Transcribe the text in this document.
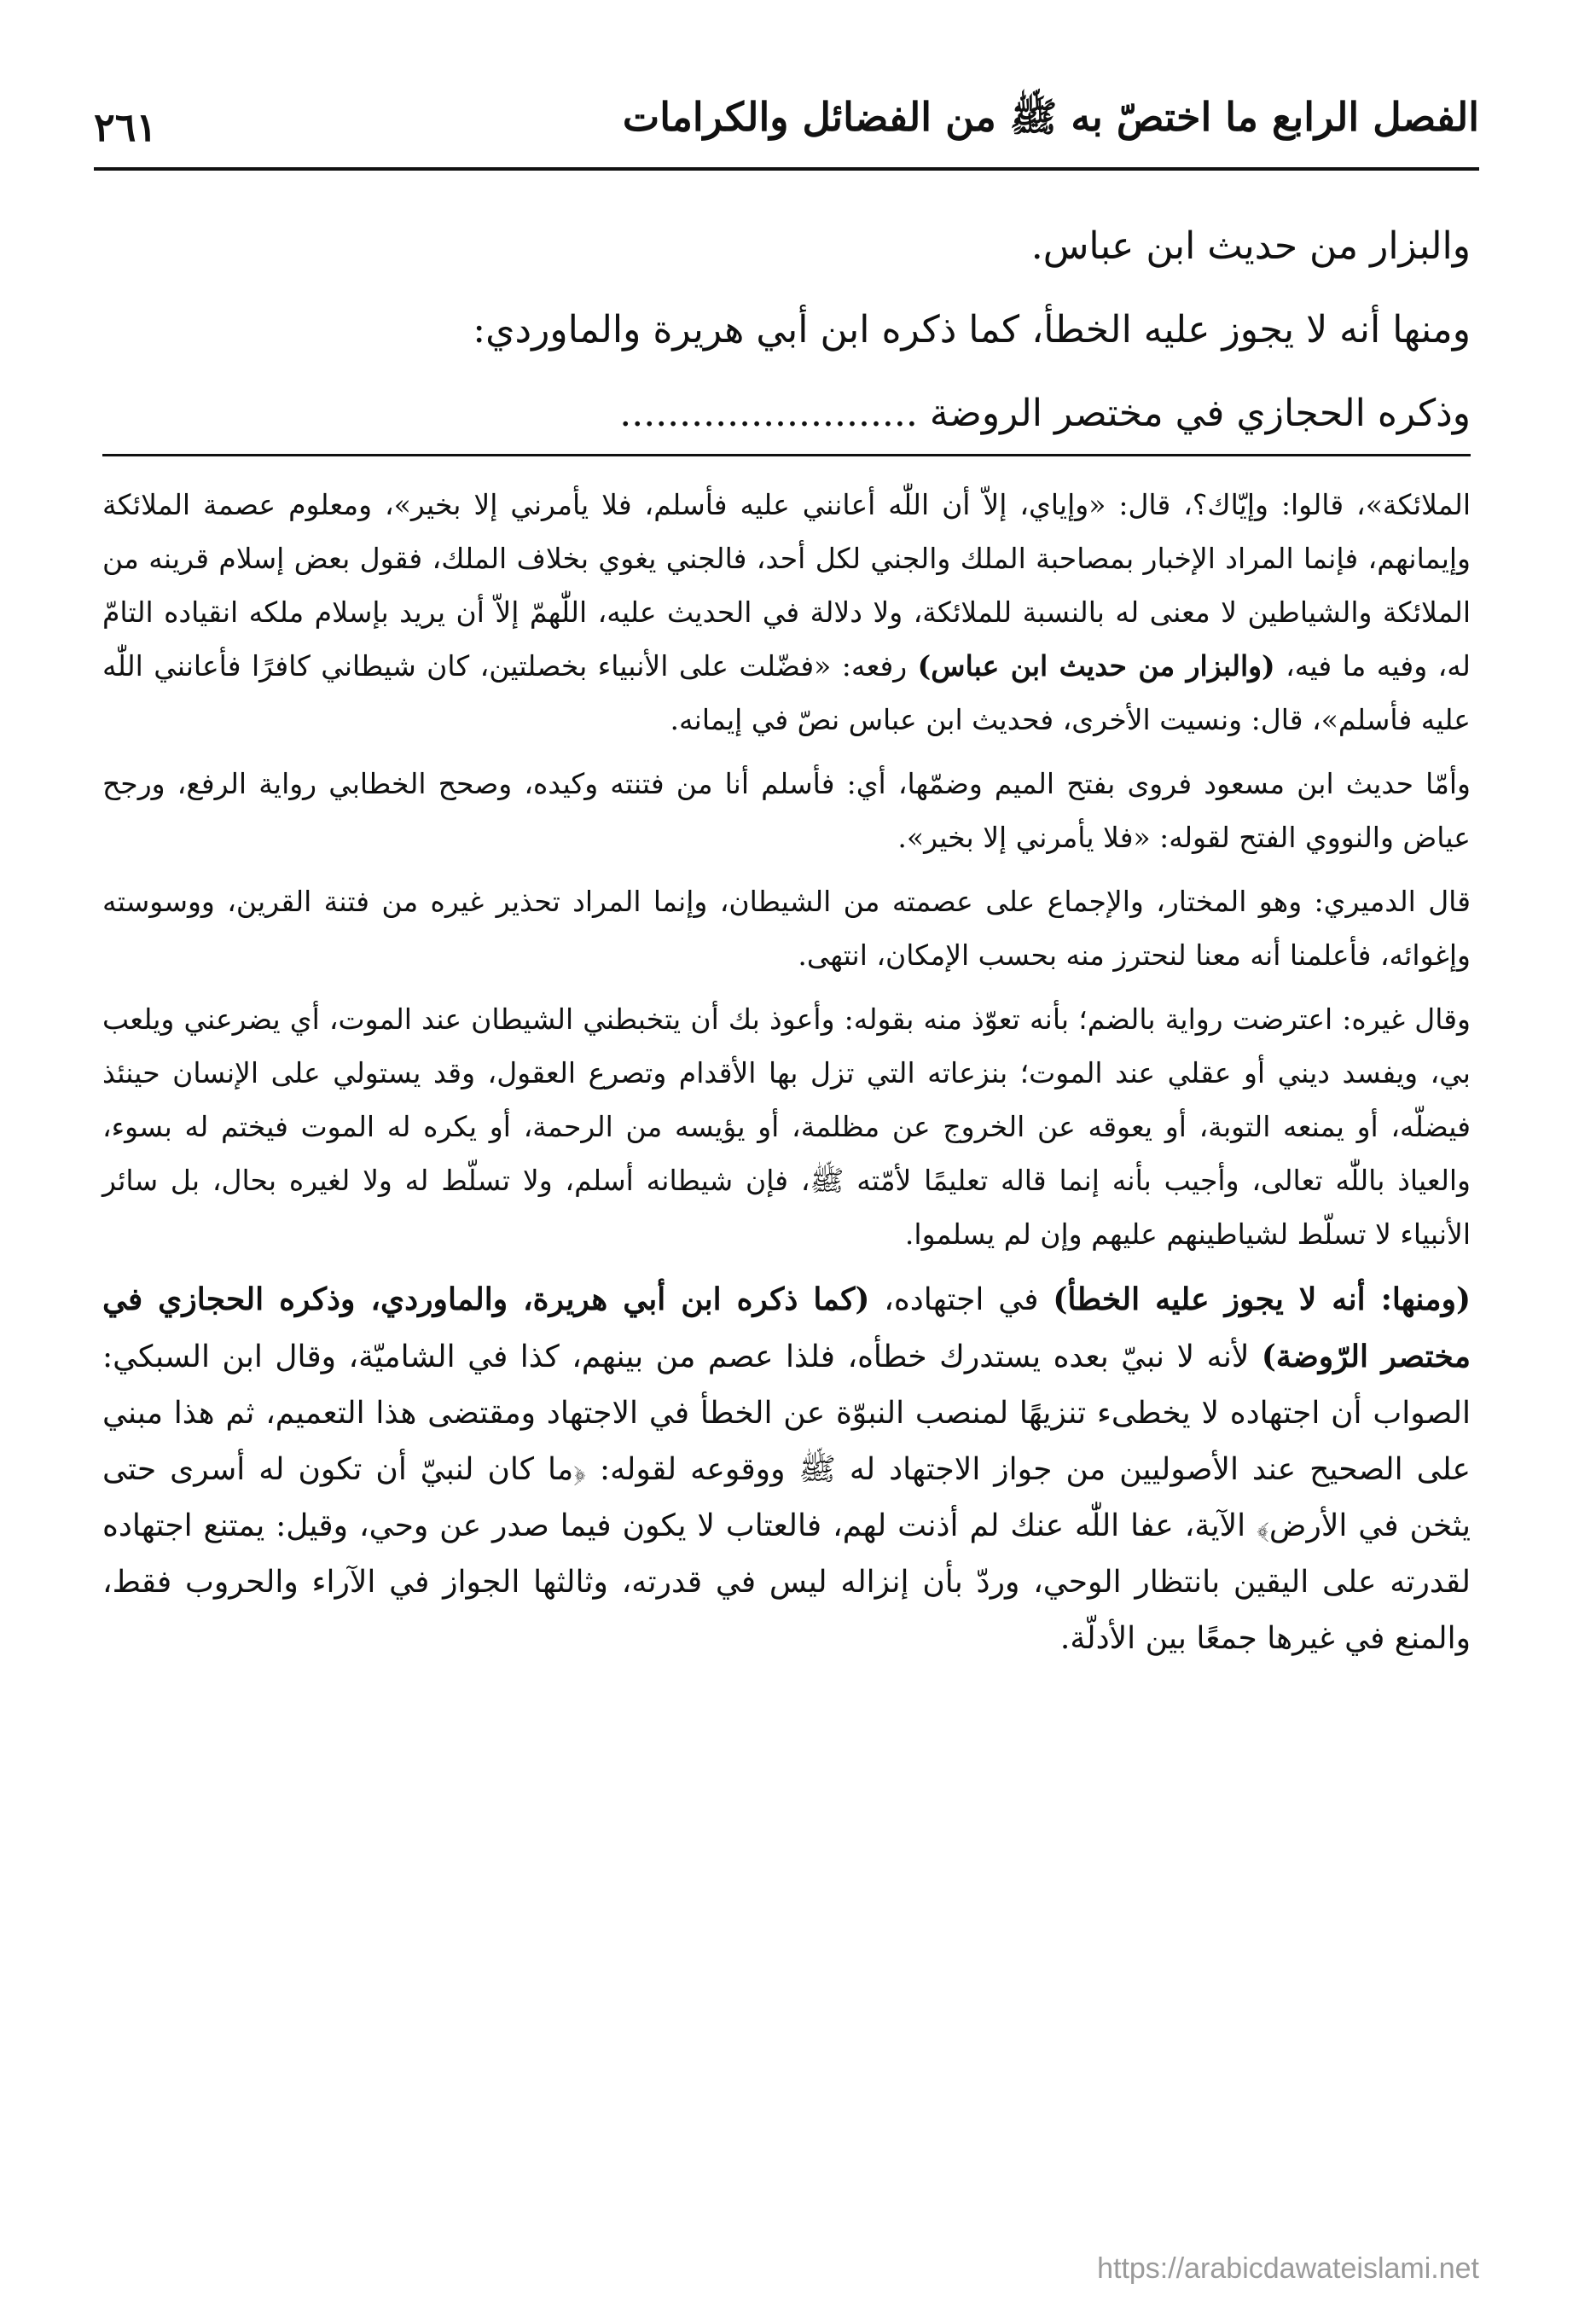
الفصل الرابع ما اختصّ به ﷺ من الفضائل والكرامات
٢٦١

والبزار من حديث ابن عباس.

ومنها أنه لا يجوز عليه الخطأ، كما ذكره ابن أبي هريرة والماوردي:

وذكره الحجازي في مختصر الروضة .........................

الملائكة»، قالوا: وإيّاك؟، قال: «وإياي، إلاّ أن اللّٰه أعانني عليه فأسلم، فلا يأمرني إلا بخير»، ومعلوم عصمة الملائكة وإيمانهم، فإنما المراد الإخبار بمصاحبة الملك والجني لكل أحد، فالجني يغوي بخلاف الملك، فقول بعض إسلام قرينه من الملائكة والشياطين لا معنى له بالنسبة للملائكة، ولا دلالة في الحديث عليه، اللّٰهمّ إلاّ أن يريد بإسلام ملكه انقياده التامّ له، وفيه ما فيه، (والبزار من حديث ابن عباس) رفعه: «فضّلت على الأنبياء بخصلتين، كان شيطاني كافرًا فأعانني اللّٰه عليه فأسلم»، قال: ونسيت الأخرى، فحديث ابن عباس نصّ في إيمانه.

وأمّا حديث ابن مسعود فروى بفتح الميم وضمّها، أي: فأسلم أنا من فتنته وكيده، وصحح الخطابي رواية الرفع، ورجح عياض والنووي الفتح لقوله: «فلا يأمرني إلا بخير».

قال الدميري: وهو المختار، والإجماع على عصمته من الشيطان، وإنما المراد تحذير غيره من فتنة القرين، ووسوسته وإغوائه، فأعلمنا أنه معنا لنحترز منه بحسب الإمكان، انتهى.

وقال غيره: اعترضت رواية بالضم؛ بأنه تعوّذ منه بقوله: وأعوذ بك أن يتخبطني الشيطان عند الموت، أي يضرعني ويلعب بي، ويفسد ديني أو عقلي عند الموت؛ بنزعاته التي تزل بها الأقدام وتصرع العقول، وقد يستولي على الإنسان حينئذ فيضلّه، أو يمنعه التوبة، أو يعوقه عن الخروج عن مظلمة، أو يؤيسه من الرحمة، أو يكره له الموت فيختم له بسوء، والعياذ باللّٰه تعالى، وأجيب بأنه إنما قاله تعليمًا لأمّته ﷺ، فإن شيطانه أسلم، ولا تسلّط له ولا لغيره بحال، بل سائر الأنبياء لا تسلّط لشياطينهم عليهم وإن لم يسلموا.

(ومنها: أنه لا يجوز عليه الخطأ) في اجتهاده، (كما ذكره ابن أبي هريرة، والماوردي، وذكره الحجازي في مختصر الرّوضة) لأنه لا نبيّ بعده يستدرك خطأه، فلذا عصم من بينهم، كذا في الشاميّة، وقال ابن السبكي: الصواب أن اجتهاده لا يخطىء تنزيهًا لمنصب النبوّة عن الخطأ في الاجتهاد ومقتضى هذا التعميم، ثم هذا مبني على الصحيح عند الأصوليين من جواز الاجتهاد له ﷺ ووقوعه لقوله: ﴿ما كان لنبيّ أن تكون له أسرى حتى يثخن في الأرض﴾ الآية، عفا اللّٰه عنك لم أذنت لهم، فالعتاب لا يكون فيما صدر عن وحي، وقيل: يمتنع اجتهاده لقدرته على اليقين بانتظار الوحي، وردّ بأن إنزاله ليس في قدرته، وثالثها الجواز في الآراء والحروب فقط، والمنع في غيرها جمعًا بين الأدلّة.

https://arabicdawateislami.net
